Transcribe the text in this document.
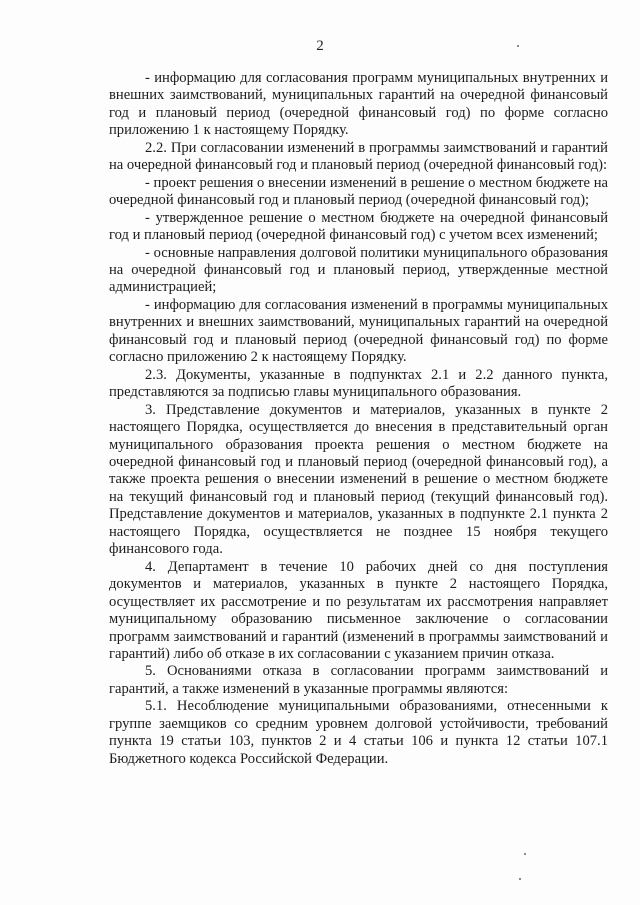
2

- информацию для согласования программ муниципальных внутренних и внешних заимствований, муниципальных гарантий на очередной финансовый год и плановый период (очередной финансовый год) по форме согласно приложению 1 к настоящему Порядку.

2.2. При согласовании изменений в программы заимствований и гарантий на очередной финансовый год и плановый период (очередной финансовый год):

- проект решения о внесении изменений в решение о местном бюджете на очередной финансовый год и плановый период (очередной финансовый год);

- утвержденное решение о местном бюджете на очередной финансовый год и плановый период (очередной финансовый год) с учетом всех изменений;

- основные направления долговой политики муниципального образования на очередной финансовый год и плановый период, утвержденные местной администрацией;

- информацию для согласования изменений в программы муниципальных внутренних и внешних заимствований, муниципальных гарантий на очередной финансовый год и плановый период (очередной финансовый год) по форме согласно приложению 2 к настоящему Порядку.

2.3. Документы, указанные в подпунктах 2.1 и 2.2 данного пункта, представляются за подписью главы муниципального образования.

3. Представление документов и материалов, указанных в пункте 2 настоящего Порядка, осуществляется до внесения в представительный орган муниципального образования проекта решения о местном бюджете на очередной финансовый год и плановый период (очередной финансовый год), а также проекта решения о внесении изменений в решение о местном бюджете на текущий финансовый год и плановый период (текущий финансовый год). Представление документов и материалов, указанных в подпункте 2.1 пункта 2 настоящего Порядка, осуществляется не позднее 15 ноября текущего финансового года.

4. Департамент в течение 10 рабочих дней со дня поступления документов и материалов, указанных в пункте 2 настоящего Порядка, осуществляет их рассмотрение и по результатам их рассмотрения направляет муниципальному образованию письменное заключение о согласовании программ заимствований и гарантий (изменений в программы заимствований и гарантий) либо об отказе в их согласовании с указанием причин отказа.

5. Основаниями отказа в согласовании программ заимствований и гарантий, а также изменений в указанные программы являются:

5.1. Несоблюдение муниципальными образованиями, отнесенными к группе заемщиков со средним уровнем долговой устойчивости, требований пункта 19 статьи 103, пунктов 2 и 4 статьи 106 и пункта 12 статьи 107.1 Бюджетного кодекса Российской Федерации.
